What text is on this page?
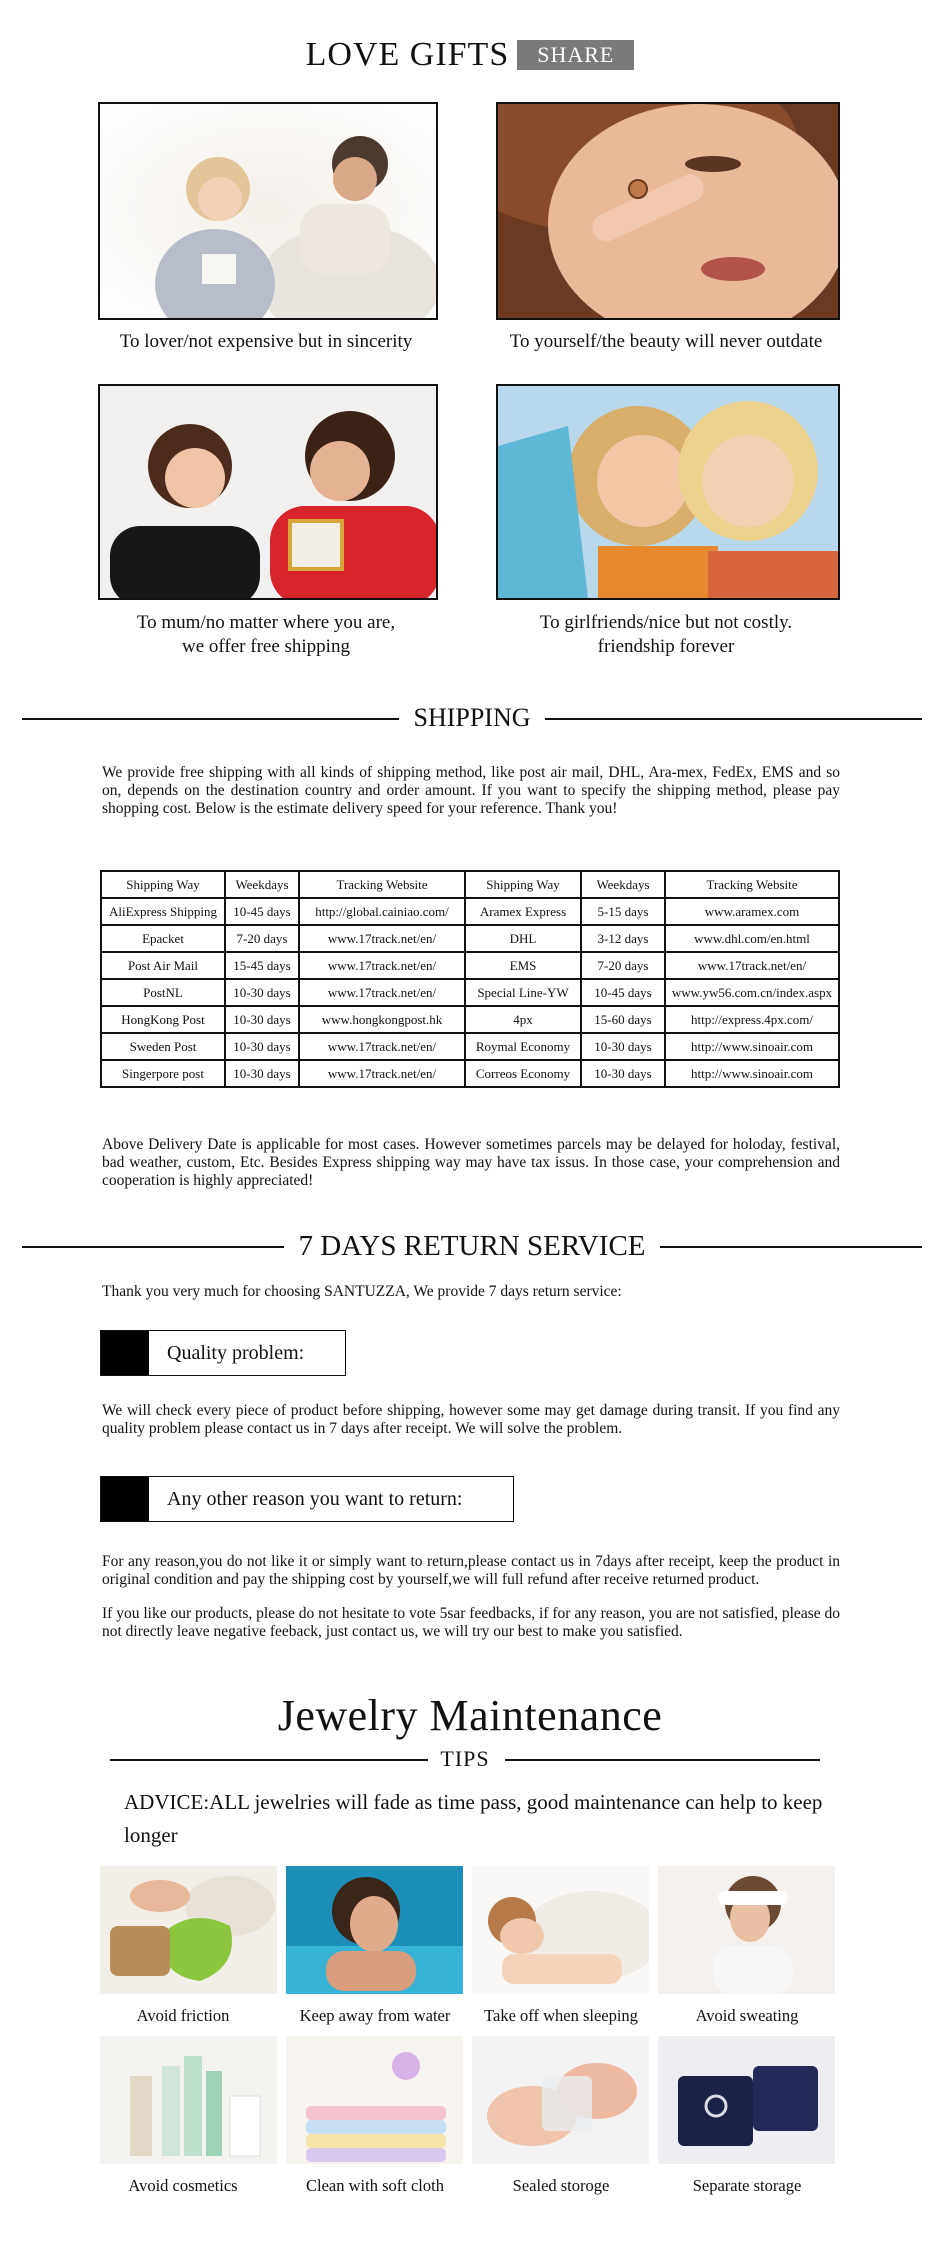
LOVE GIFTS SHARE
To lover/not expensive but in sincerity	To yourself/the beauty will never outdate
To mum/no matter where you are,
we offer free shipping
To girlfriends/nice but not costly.
friendship forever
SHIPPING
We provide free shipping with all kinds of shipping method, like post air mail, DHL, Ara-mex, FedEx, EMS and so on, depends on the destination country and order amount. If you want to specify the shipping method, please pay shopping cost. Below is the estimate delivery speed for your reference. Thank you!
Shipping Way	Weekdays	Tracking Website	Shipping Way	Weekdays	Tracking Website
AliExpress Shipping	10-45 days	http://global.cainiao.com/	Aramex Express	5-15 days	www.aramex.com
Epacket	7-20 days	www.17track.net/en/	DHL	3-12 days	www.dhl.com/en.html
Post Air Mail	15-45 days	www.17track.net/en/	EMS	7-20 days	www.17track.net/en/
PostNL	10-30 days	www.17track.net/en/	Special Line-YW	10-45 days	www.yw56.com.cn/index.aspx
HongKong Post	10-30 days	www.hongkongpost.hk	4px	15-60 days	http://express.4px.com/
Sweden Post	10-30 days	www.17track.net/en/	Roymal Economy	10-30 days	http://www.sinoair.com
Singerpore post	10-30 days	www.17track.net/en/	Correos Economy	10-30 days	http://www.sinoair.com
Above Delivery Date is applicable for most cases. However sometimes parcels may be delayed for holoday, festival, bad weather, custom, Etc. Besides Express shipping way may have tax issus. In those case, your comprehension and cooperation is highly appreciated!
7 DAYS RETURN SERVICE
Thank you very much for choosing SANTUZZA, We provide 7 days return service:
Quality problem:
We will check every piece of product before shipping, however some may get damage during transit. If you find any quality problem please contact us in 7 days after receipt. We will solve the problem.
Any other reason you want to return:
For any reason,you do not like it or simply want to return,please contact us in 7days after receipt, keep the product in original condition and pay the shipping cost by yourself,we will full refund after receive returned product.
If you like our products, please do not hesitate to vote 5sar feedbacks, if for any reason, you are not satisfied, please do not directly leave negative feeback, just contact us, we will try our best to make you satisfied.
Jewelry Maintenance
TIPS
ADVICE:ALL jewelries will fade as time pass, good maintenance can help to keep longer
Avoid friction	Keep away from water	Take off when sleeping	Avoid sweating
Avoid cosmetics	Clean with soft cloth	Sealed storoge	Separate storage
